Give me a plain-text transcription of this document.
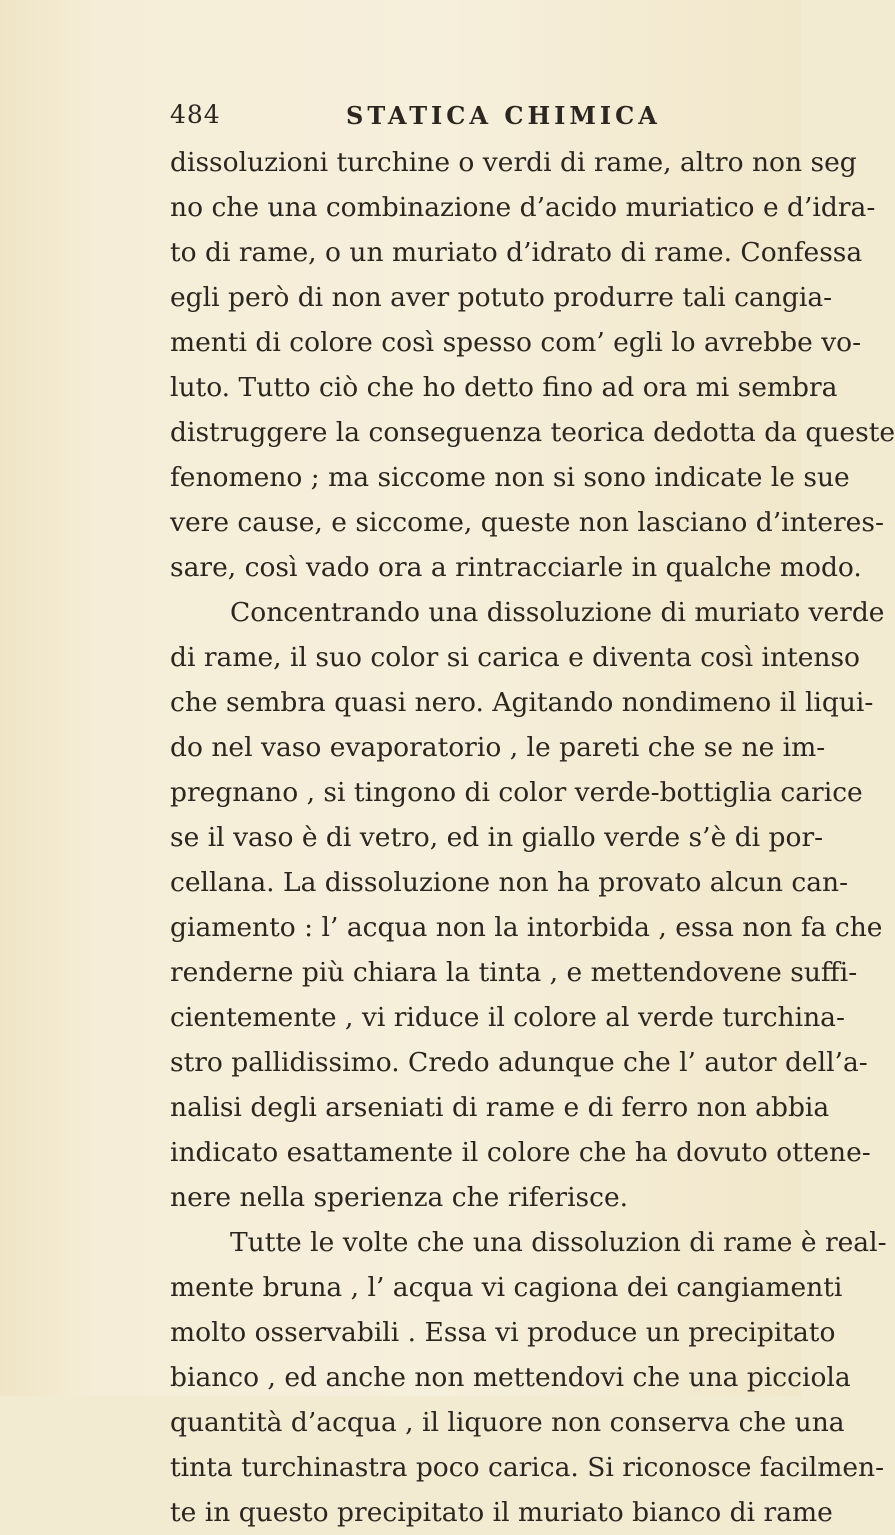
484	STATICA CHIMICA
dissoluzioni turchine o verdi di rame, altro non seg
no che una combinazione d’acido muriatico e d’idra-
to di rame, o un muriato d’idrato di rame. Confessa
egli però di non aver potuto produrre tali cangia-
menti di colore così spesso com’ egli lo avrebbe vo-
luto. Tutto ciò che ho detto fino ad ora mi sembra
distruggere la conseguenza teorica dedotta da queste
fenomeno ; ma siccome non si sono indicate le sue
vere cause, e siccome, queste non lasciano d’interes-
sare, così vado ora a rintracciarle in qualche modo.
Concentrando una dissoluzione di muriato verde
di rame, il suo color si carica e diventa così intenso
che sembra quasi nero. Agitando nondimeno il liqui-
do nel vaso evaporatorio , le pareti che se ne im-
pregnano , si tingono di color verde-bottiglia carice
se il vaso è di vetro, ed in giallo verde s’è di por-
cellana. La dissoluzione non ha provato alcun can-
giamento : l’ acqua non la intorbida , essa non fa che
renderne più chiara la tinta , e mettendovene suffi-
cientemente , vi riduce il colore al verde turchina-
stro pallidissimo. Credo adunque che l’ autor dell’a-
nalisi degli arseniati di rame e di ferro non abbia
indicato esattamente il colore che ha dovuto ottene-
nere nella sperienza che riferisce.
Tutte le volte che una dissoluzion di rame è real-
mente bruna , l’ acqua vi cagiona dei cangiamenti
molto osservabili . Essa vi produce un precipitato
bianco , ed anche non mettendovi che una picciola
quantità d’acqua , il liquore non conserva che una
tinta turchinastra poco carica. Si riconosce facilmen-
te in questo precipitato il muriato bianco di rame
